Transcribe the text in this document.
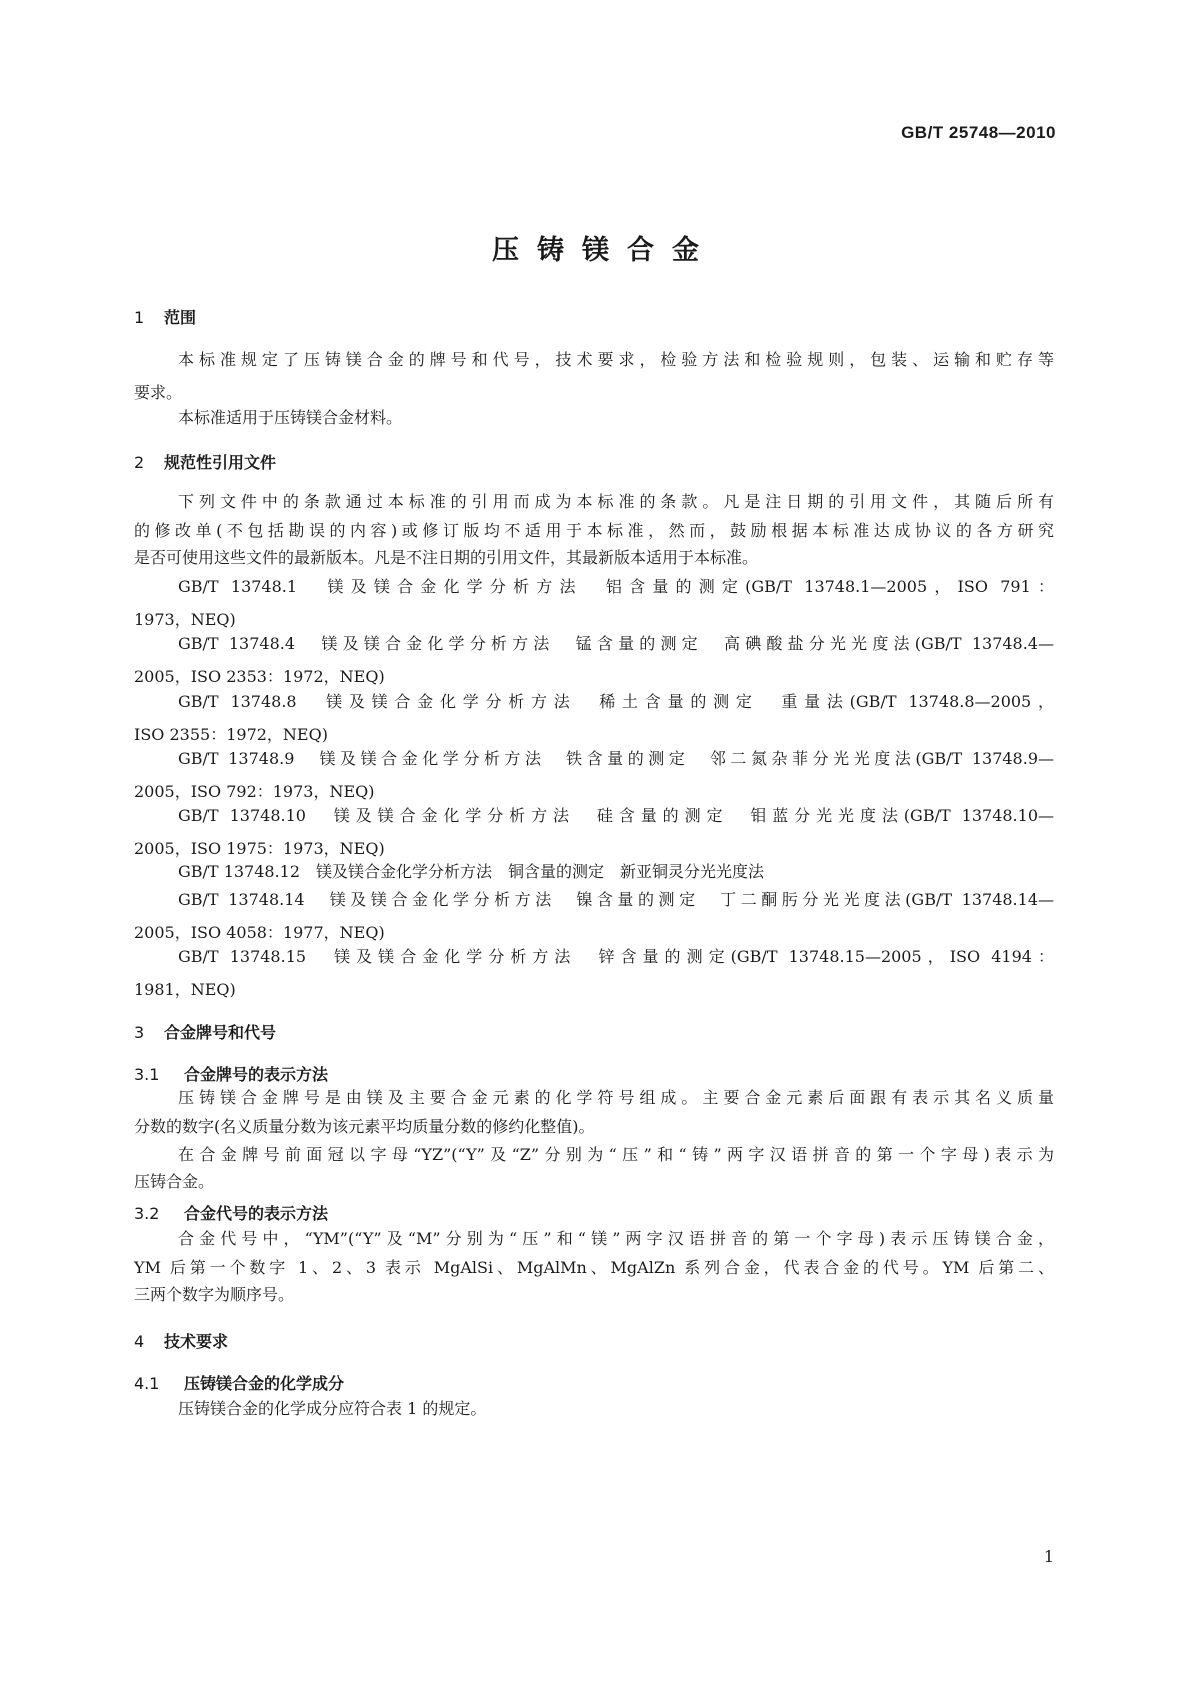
GB/T 25748—2010
压铸镁合金
1 范围
本标准规定了压铸镁合金的牌号和代号，技术要求，检验方法和检验规则，包装、运输和贮存等
要求。
本标准适用于压铸镁合金材料。
2 规范性引用文件
下列文件中的条款通过本标准的引用而成为本标准的条款。凡是注日期的引用文件，其随后所有
的修改单(不包括勘误的内容)或修订版均不适用于本标准，然而，鼓励根据本标准达成协议的各方研究
是否可使用这些文件的最新版本。凡是不注日期的引用文件，其最新版本适用于本标准。
GB/T 13748.1　镁及镁合金化学分析方法　铝含量的测定(GB/T 13748.1—2005，ISO 791：
1973，NEQ)
GB/T 13748.4　镁及镁合金化学分析方法　锰含量的测定　高碘酸盐分光光度法(GB/T 13748.4—
2005，ISO 2353：1972，NEQ)
GB/T 13748.8　镁及镁合金化学分析方法　稀土含量的测定　重量法(GB/T 13748.8—2005，
ISO 2355：1972，NEQ)
GB/T 13748.9　镁及镁合金化学分析方法　铁含量的测定　邻二氮杂菲分光光度法(GB/T 13748.9—
2005，ISO 792：1973，NEQ)
GB/T 13748.10　镁及镁合金化学分析方法　硅含量的测定　钼蓝分光光度法(GB/T 13748.10—
2005，ISO 1975：1973，NEQ)
GB/T 13748.12　镁及镁合金化学分析方法　铜含量的测定　新亚铜灵分光光度法
GB/T 13748.14　镁及镁合金化学分析方法　镍含量的测定　丁二酮肟分光光度法(GB/T 13748.14—
2005，ISO 4058：1977，NEQ)
GB/T 13748.15　镁及镁合金化学分析方法　锌含量的测定(GB/T 13748.15—2005，ISO 4194：
1981，NEQ)
3 合金牌号和代号
3.1 合金牌号的表示方法
压铸镁合金牌号是由镁及主要合金元素的化学符号组成。主要合金元素后面跟有表示其名义质量
分数的数字(名义质量分数为该元素平均质量分数的修约化整值)。
在合金牌号前面冠以字母“YZ”(“Y”及“Z”分别为“压”和“铸”两字汉语拼音的第一个字母)表示为
压铸合金。
3.2 合金代号的表示方法
合金代号中，“YM”(“Y”及“M”分别为“压”和“镁”两字汉语拼音的第一个字母)表示压铸镁合金，
YM 后第一个数字 1、2、3 表示 MgAlSi、MgAlMn、MgAlZn 系列合金，代表合金的代号。YM 后第二、
三两个数字为顺序号。
4 技术要求
4.1 压铸镁合金的化学成分
压铸镁合金的化学成分应符合表 1 的规定。
1
